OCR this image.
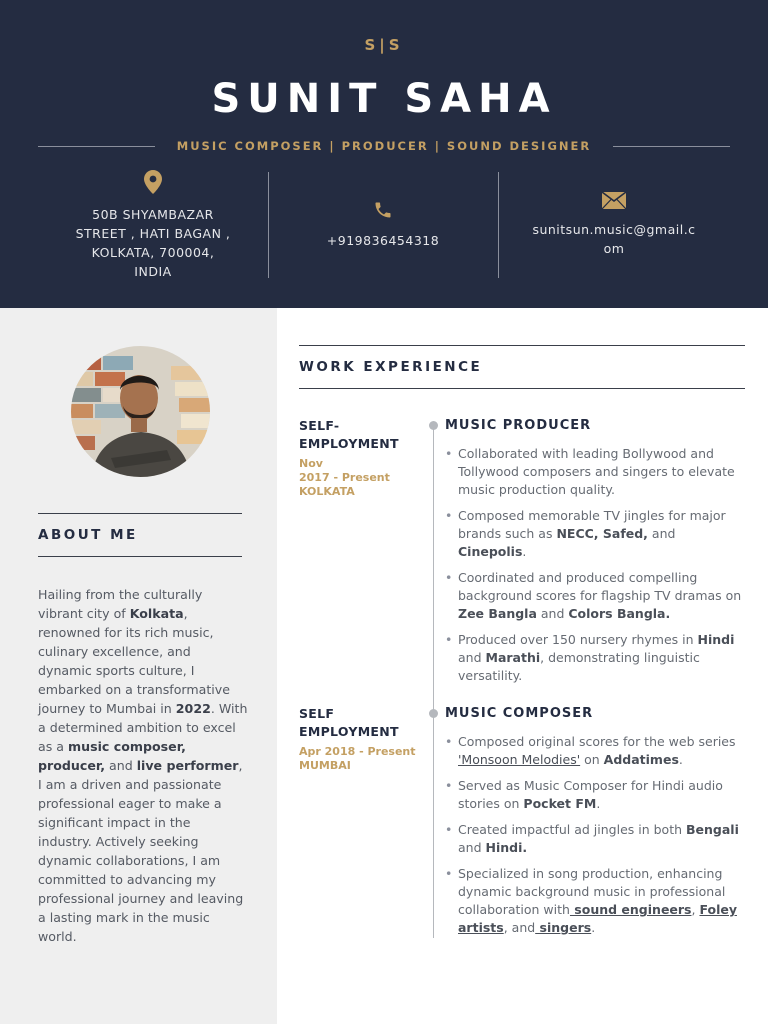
S|S
SUNIT SAHA
MUSIC COMPOSER | PRODUCER | SOUND DESIGNER
50B SHYAMBAZAR
STREET , HATI BAGAN ,
KOLKATA, 700004,
INDIA
+919836454318
sunitsun.music@gmail.c
om
ABOUT ME
Hailing from the culturally vibrant city of Kolkata, renowned for its rich music, culinary excellence, and dynamic sports culture, I embarked on a transformative journey to Mumbai in 2022. With a determined ambition to excel as a music composer, producer, and live performer, I am a driven and passionate professional eager to make a significant impact in the industry. Actively seeking dynamic collaborations, I am committed to advancing my professional journey and leaving a lasting mark in the music world.
WORK EXPERIENCE
SELF-
EMPLOYMENT
Nov
2017 - Present
KOLKATA
MUSIC PRODUCER
• Collaborated with leading Bollywood and Tollywood composers and singers to elevate music production quality.
• Composed memorable TV jingles for major brands such as NECC, Safed, and Cinepolis.
• Coordinated and produced compelling background scores for flagship TV dramas on Zee Bangla and Colors Bangla.
• Produced over 150 nursery rhymes in Hindi and Marathi, demonstrating linguistic versatility.
SELF
EMPLOYMENT
Apr 2018 - Present
MUMBAI
MUSIC COMPOSER
• Composed original scores for the web series 'Monsoon Melodies' on Addatimes.
• Served as Music Composer for Hindi audio stories on Pocket FM.
• Created impactful ad jingles in both Bengali and Hindi.
• Specialized in song production, enhancing dynamic background music in professional collaboration with sound engineers, Foley artists, and singers.
